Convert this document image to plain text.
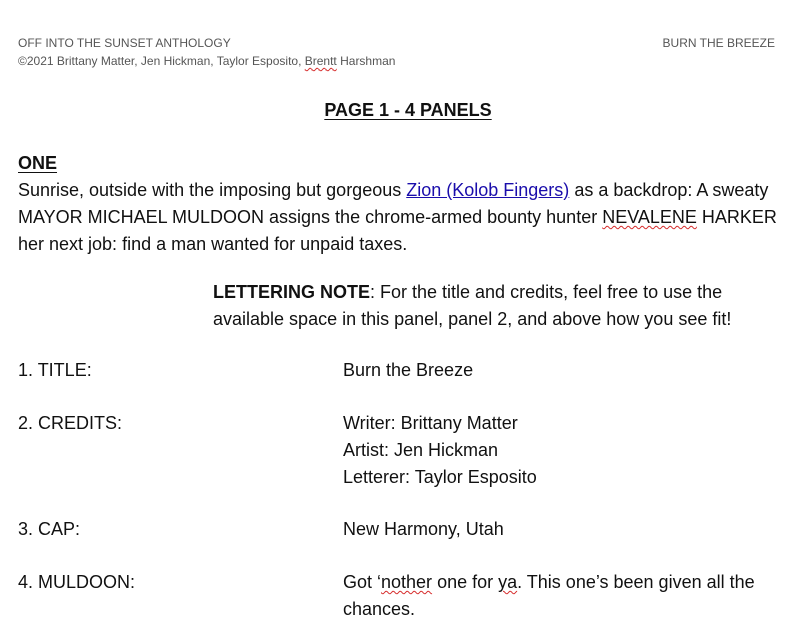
OFF INTO THE SUNSET ANTHOLOGY
©2021 Brittany Matter, Jen Hickman, Taylor Esposito, Brentt Harshman
BURN THE BREEZE
PAGE 1 - 4 PANELS
ONE
Sunrise, outside with the imposing but gorgeous Zion (Kolob Fingers) as a backdrop: A sweaty MAYOR MICHAEL MULDOON assigns the chrome-armed bounty hunter NEVALENE HARKER her next job: find a man wanted for unpaid taxes.
LETTERING NOTE: For the title and credits, feel free to use the available space in this panel, panel 2, and above how you see fit!
1. TITLE:	Burn the Breeze
2. CREDITS:	Writer: Brittany Matter
Artist: Jen Hickman
Letterer: Taylor Esposito
3. CAP:	New Harmony, Utah
4. MULDOON:	Got ‘nother one for ya. This one’s been given all the chances.
